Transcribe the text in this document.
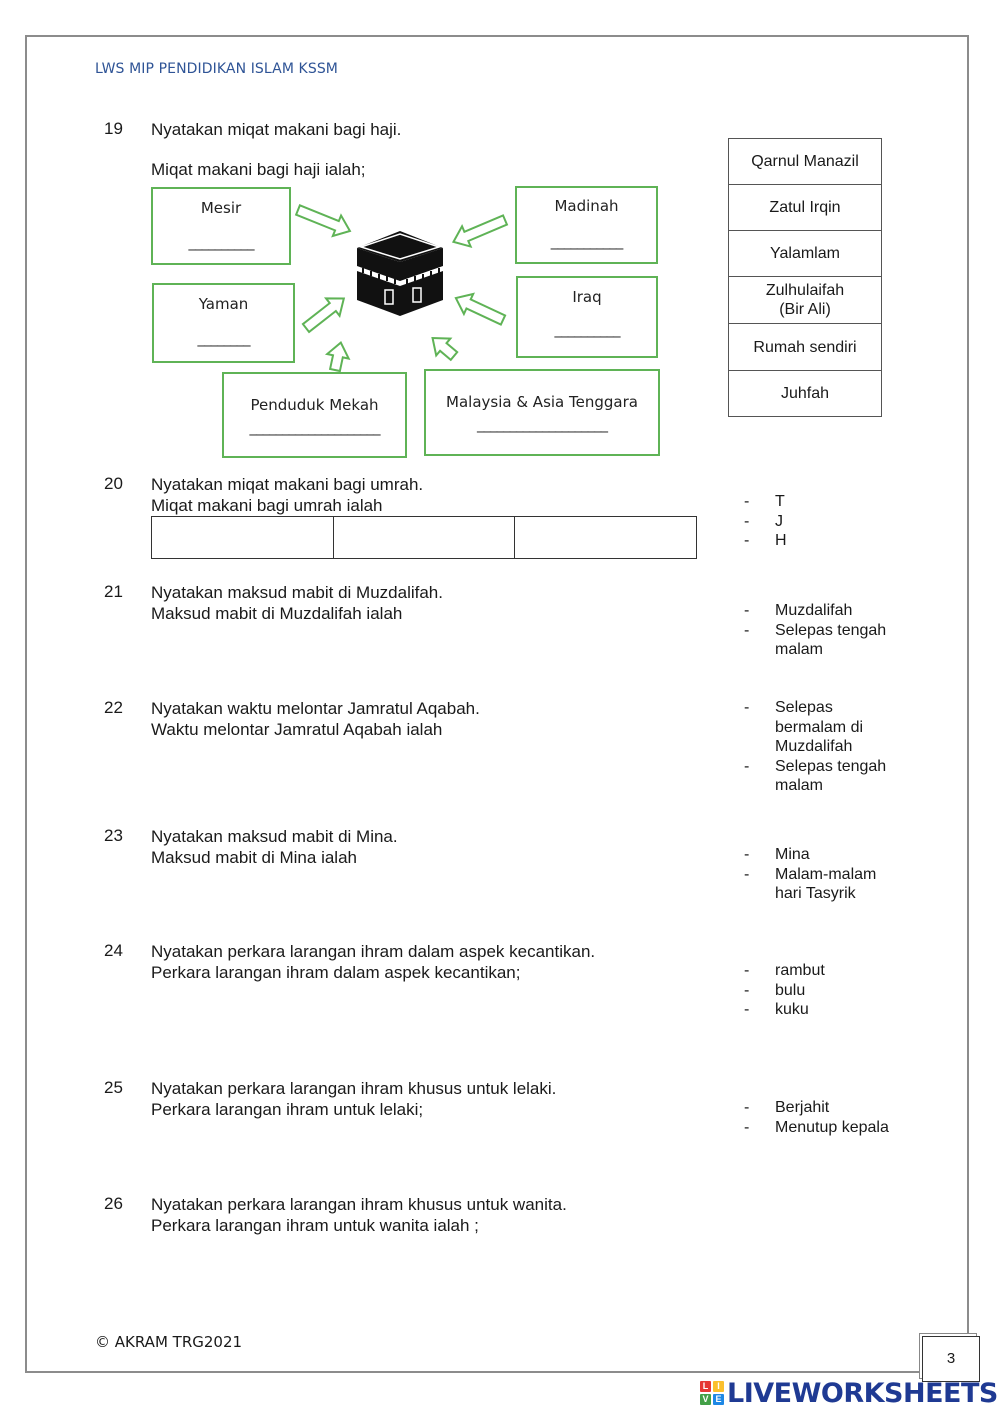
LWS MIP PENDIDIKAN ISLAM KSSM
19 Nyatakan miqat makani bagi haji.
Miqat makani bagi haji ialah;
Mesir
__________
Madinah
___________
Yaman
________
Iraq
__________
Penduduk Mekah
____________________
Malaysia & Asia Tenggara
____________________
Qarnul Manazil
Zatul Irqin
Yalamlam
Zulhulaifah
(Bir Ali)
Rumah sendiri
Juhfah
20 Nyatakan miqat makani bagi umrah.
Miqat makani bagi umrah ialah
			- T
- J
- H
21 Nyatakan maksud mabit di Muzdalifah.
Maksud mabit di Muzdalifah ialah	- Muzdalifah
- Selepas tengah
malam
22 Nyatakan waktu melontar Jamratul Aqabah.
Waktu melontar Jamratul Aqabah ialah
- Selepas
bermalam di
Muzdalifah
- Selepas tengah
malam
23 Nyatakan maksud mabit di Mina.
Maksud mabit di Mina ialah	- Mina
- Malam-malam
hari Tasyrik
24 Nyatakan perkara larangan ihram dalam aspek kecantikan.
Perkara larangan ihram dalam aspek kecantikan;	- rambut
- bulu
- kuku
25 Nyatakan perkara larangan ihram khusus untuk lelaki.
Perkara larangan ihram untuk lelaki;	- Berjahit
- Menutup kepala
26 Nyatakan perkara larangan ihram khusus untuk wanita.
Perkara larangan ihram untuk wanita ialah ;
© AKRAM TRG2021
3
L I
V E LIVEWORKSHEETS
